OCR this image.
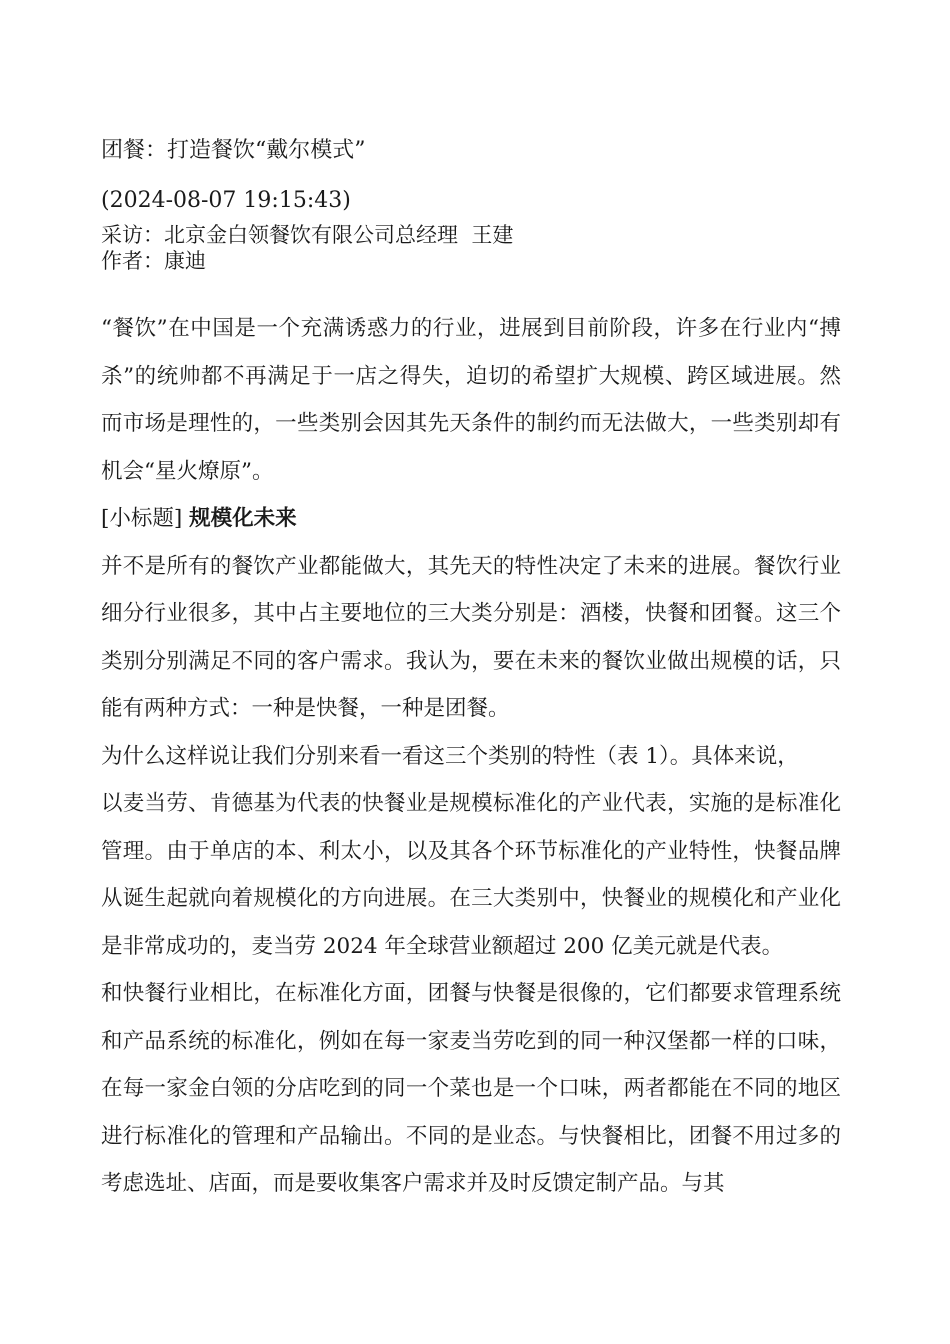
团餐：打造餐饮“戴尔模式”
(2024-08-07 19:15:43)
采访：北京金白领餐饮有限公司总经理  王建
作者：康迪

“餐饮”在中国是一个充满诱惑力的行业，进展到目前阶段，许多在行业内“搏杀”的统帅都不再满足于一店之得失，迫切的希望扩大规模、跨区域进展。然而市场是理性的，一些类别会因其先天条件的制约而无法做大，一些类别却有机会“星火燎原”。

[小标题] 规模化未来

并不是所有的餐饮产业都能做大，其先天的特性决定了未来的进展。餐饮行业细分行业很多，其中占主要地位的三大类分别是：酒楼，快餐和团餐。这三个类别分别满足不同的客户需求。我认为，要在未来的餐饮业做出规模的话，只能有两种方式：一种是快餐，一种是团餐。

为什么这样说让我们分别来看一看这三个类别的特性（表 1）。具体来说，

以麦当劳、肯德基为代表的快餐业是规模标准化的产业代表，实施的是标准化管理。由于单店的本、利太小，以及其各个环节标准化的产业特性，快餐品牌从诞生起就向着规模化的方向进展。在三大类别中，快餐业的规模化和产业化是非常成功的，麦当劳 2024 年全球营业额超过 200 亿美元就是代表。

和快餐行业相比，在标准化方面，团餐与快餐是很像的，它们都要求管理系统和产品系统的标准化，例如在每一家麦当劳吃到的同一种汉堡都一样的口味，在每一家金白领的分店吃到的同一个菜也是一个口味，两者都能在不同的地区进行标准化的管理和产品输出。不同的是业态。与快餐相比，团餐不用过多的考虑选址、店面，而是要收集客户需求并及时反馈定制产品。与其
